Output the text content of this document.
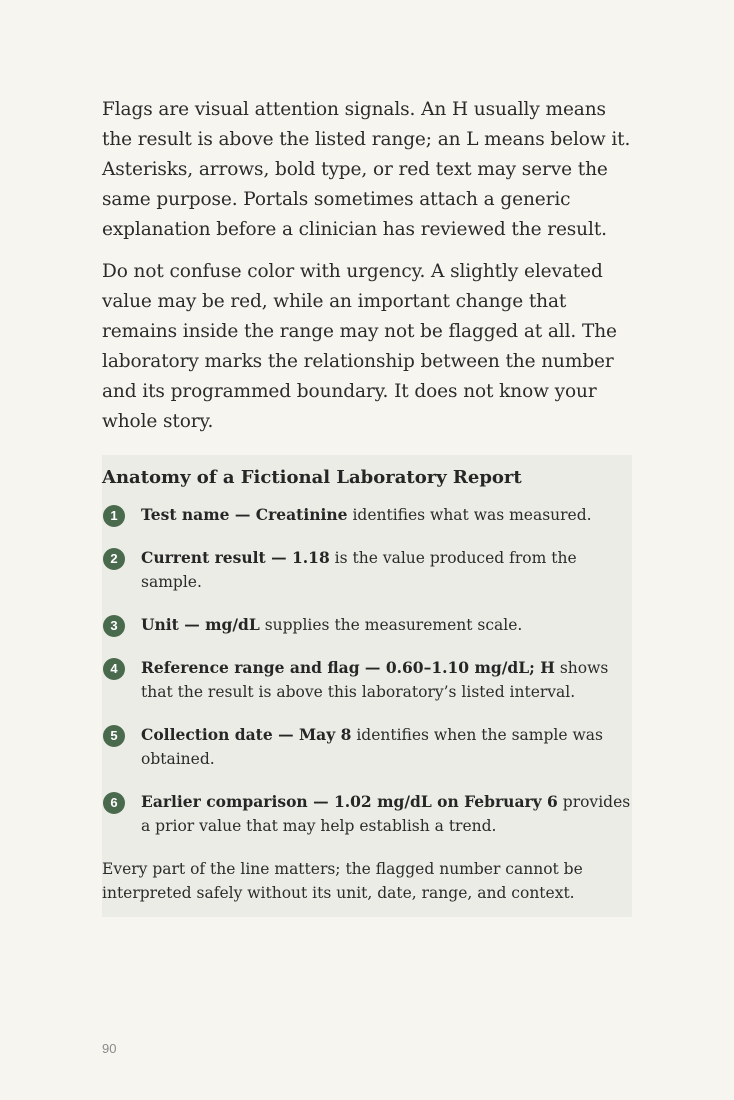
Flags are visual attention signals. An H usually means the result is above the listed range; an L means below it. Asterisks, arrows, bold type, or red text may serve the same purpose. Portals sometimes attach a generic explanation before a clinician has reviewed the result.

Do not confuse color with urgency. A slightly elevated value may be red, while an important change that remains inside the range may not be flagged at all. The laboratory marks the relationship between the number and its programmed boundary. It does not know your whole story.

Anatomy of a Fictional Laboratory Report
1	Test name — Creatinine identifies what was measured.
2	Current result — 1.18 is the value produced from the sample.
3	Unit — mg/dL supplies the measurement scale.
4	Reference range and flag — 0.60–1.10 mg/dL; H shows that the result is above this laboratory’s listed interval.
5	Collection date — May 8 identifies when the sample was obtained.
6	Earlier comparison — 1.02 mg/dL on February 6 provides a prior value that may help establish a trend.

Every part of the line matters; the flagged number cannot be interpreted safely without its unit, date, range, and context.

90
